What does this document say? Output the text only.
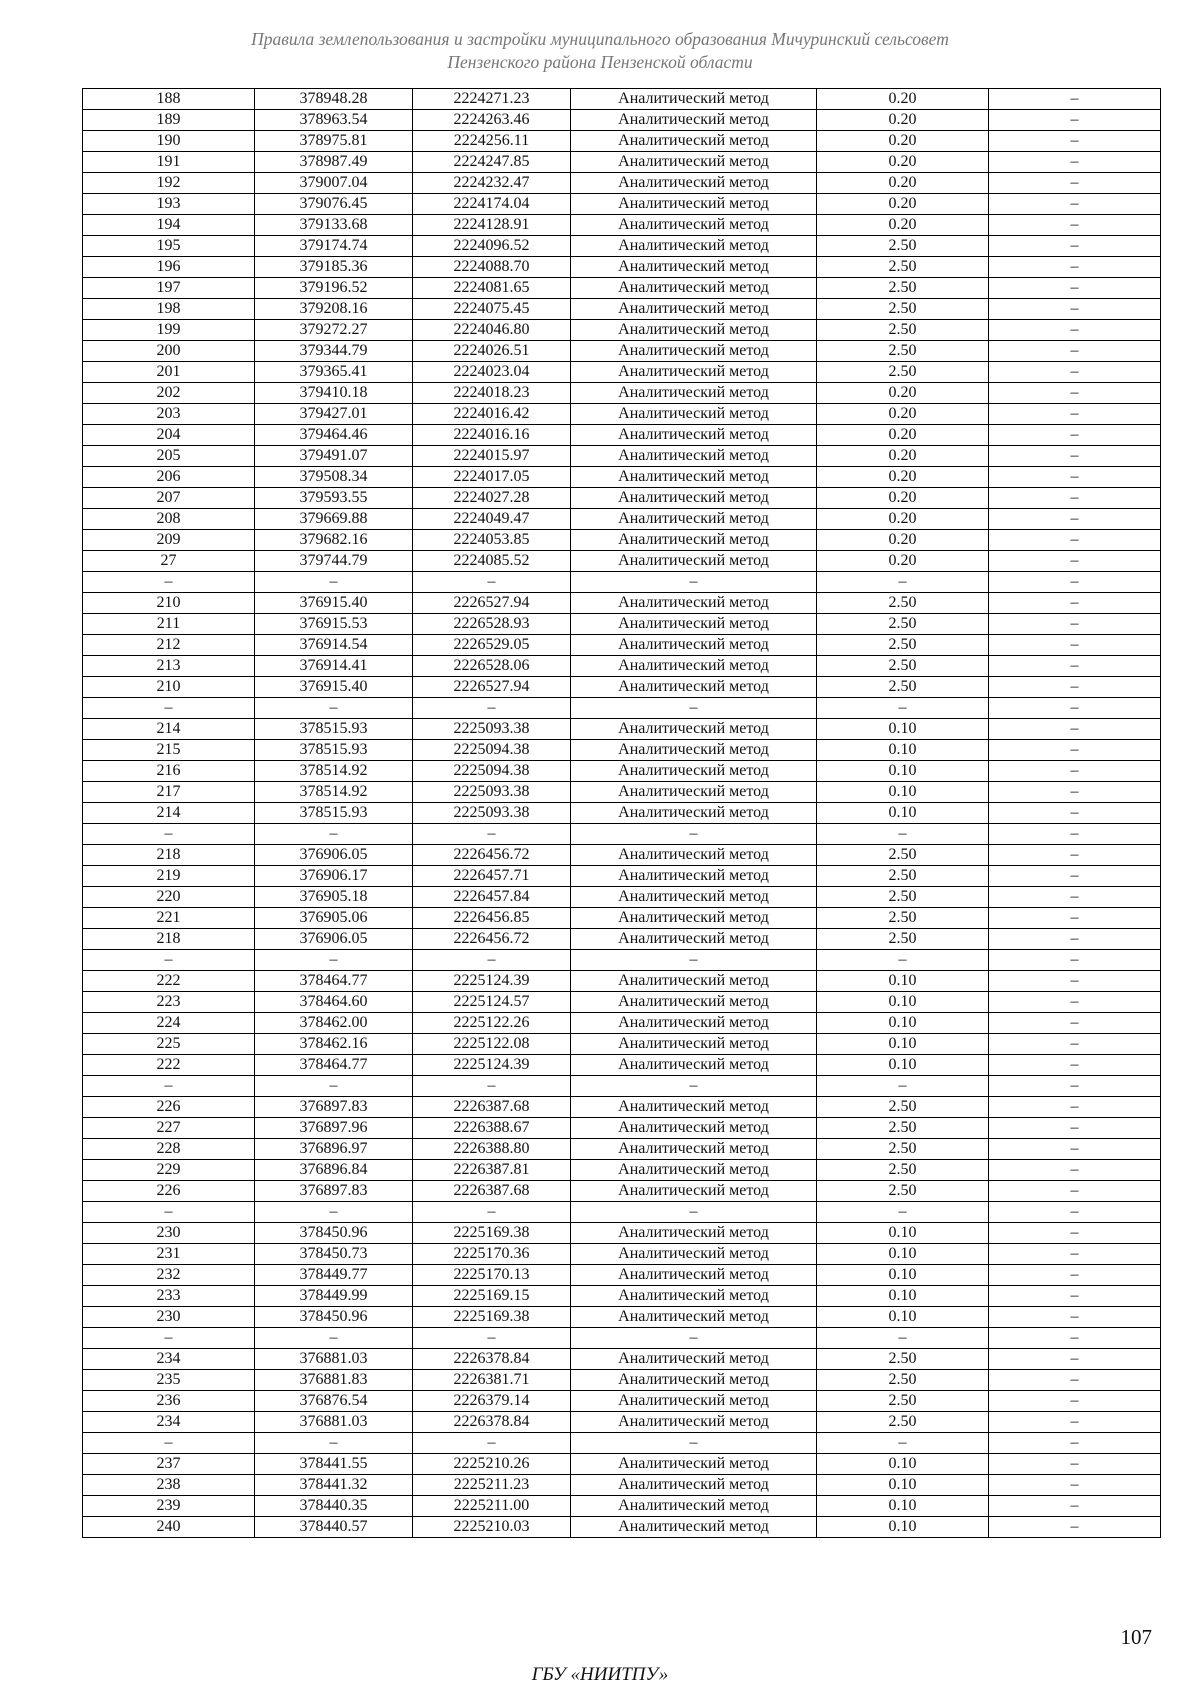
Правила землепользования и застройки муниципального образования Мичуринский сельсовет
Пензенского района Пензенской области
188	378948.28	2224271.23	Аналитический метод	0.20	–
189	378963.54	2224263.46	Аналитический метод	0.20	–
190	378975.81	2224256.11	Аналитический метод	0.20	–
191	378987.49	2224247.85	Аналитический метод	0.20	–
192	379007.04	2224232.47	Аналитический метод	0.20	–
193	379076.45	2224174.04	Аналитический метод	0.20	–
194	379133.68	2224128.91	Аналитический метод	0.20	–
195	379174.74	2224096.52	Аналитический метод	2.50	–
196	379185.36	2224088.70	Аналитический метод	2.50	–
197	379196.52	2224081.65	Аналитический метод	2.50	–
198	379208.16	2224075.45	Аналитический метод	2.50	–
199	379272.27	2224046.80	Аналитический метод	2.50	–
200	379344.79	2224026.51	Аналитический метод	2.50	–
201	379365.41	2224023.04	Аналитический метод	2.50	–
202	379410.18	2224018.23	Аналитический метод	0.20	–
203	379427.01	2224016.42	Аналитический метод	0.20	–
204	379464.46	2224016.16	Аналитический метод	0.20	–
205	379491.07	2224015.97	Аналитический метод	0.20	–
206	379508.34	2224017.05	Аналитический метод	0.20	–
207	379593.55	2224027.28	Аналитический метод	0.20	–
208	379669.88	2224049.47	Аналитический метод	0.20	–
209	379682.16	2224053.85	Аналитический метод	0.20	–
27	379744.79	2224085.52	Аналитический метод	0.20	–
–	–	–	–	–	–
210	376915.40	2226527.94	Аналитический метод	2.50	–
211	376915.53	2226528.93	Аналитический метод	2.50	–
212	376914.54	2226529.05	Аналитический метод	2.50	–
213	376914.41	2226528.06	Аналитический метод	2.50	–
210	376915.40	2226527.94	Аналитический метод	2.50	–
–	–	–	–	–	–
214	378515.93	2225093.38	Аналитический метод	0.10	–
215	378515.93	2225094.38	Аналитический метод	0.10	–
216	378514.92	2225094.38	Аналитический метод	0.10	–
217	378514.92	2225093.38	Аналитический метод	0.10	–
214	378515.93	2225093.38	Аналитический метод	0.10	–
–	–	–	–	–	–
218	376906.05	2226456.72	Аналитический метод	2.50	–
219	376906.17	2226457.71	Аналитический метод	2.50	–
220	376905.18	2226457.84	Аналитический метод	2.50	–
221	376905.06	2226456.85	Аналитический метод	2.50	–
218	376906.05	2226456.72	Аналитический метод	2.50	–
–	–	–	–	–	–
222	378464.77	2225124.39	Аналитический метод	0.10	–
223	378464.60	2225124.57	Аналитический метод	0.10	–
224	378462.00	2225122.26	Аналитический метод	0.10	–
225	378462.16	2225122.08	Аналитический метод	0.10	–
222	378464.77	2225124.39	Аналитический метод	0.10	–
–	–	–	–	–	–
226	376897.83	2226387.68	Аналитический метод	2.50	–
227	376897.96	2226388.67	Аналитический метод	2.50	–
228	376896.97	2226388.80	Аналитический метод	2.50	–
229	376896.84	2226387.81	Аналитический метод	2.50	–
226	376897.83	2226387.68	Аналитический метод	2.50	–
–	–	–	–	–	–
230	378450.96	2225169.38	Аналитический метод	0.10	–
231	378450.73	2225170.36	Аналитический метод	0.10	–
232	378449.77	2225170.13	Аналитический метод	0.10	–
233	378449.99	2225169.15	Аналитический метод	0.10	–
230	378450.96	2225169.38	Аналитический метод	0.10	–
–	–	–	–	–	–
234	376881.03	2226378.84	Аналитический метод	2.50	–
235	376881.83	2226381.71	Аналитический метод	2.50	–
236	376876.54	2226379.14	Аналитический метод	2.50	–
234	376881.03	2226378.84	Аналитический метод	2.50	–
–	–	–	–	–	–
237	378441.55	2225210.26	Аналитический метод	0.10	–
238	378441.32	2225211.23	Аналитический метод	0.10	–
239	378440.35	2225211.00	Аналитический метод	0.10	–
240	378440.57	2225210.03	Аналитический метод	0.10	–
107
ГБУ «НИИТПУ»
